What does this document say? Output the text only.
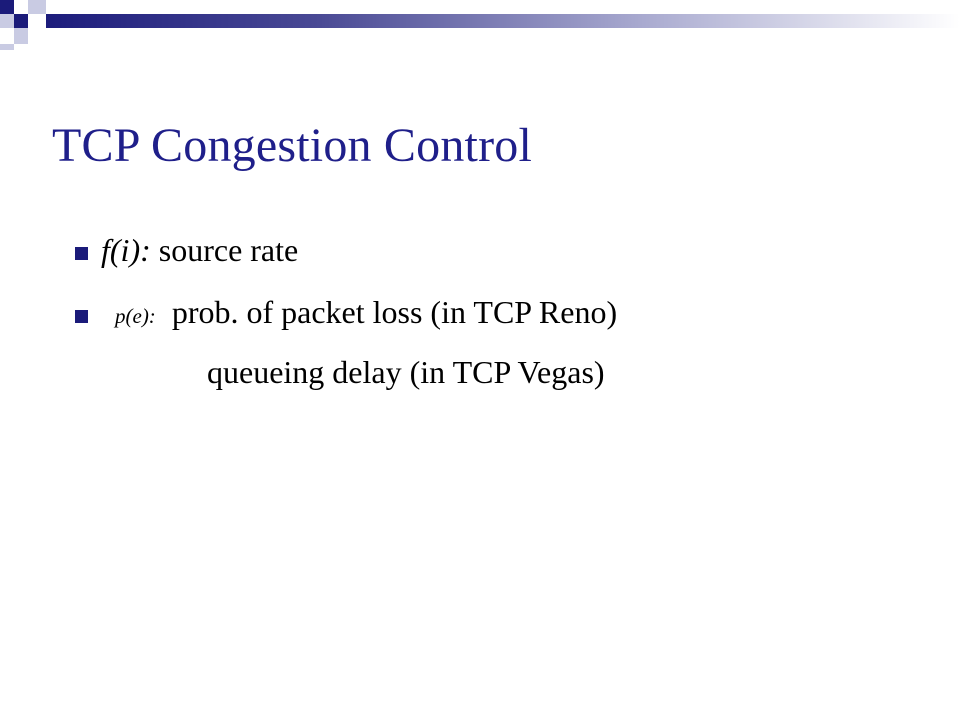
TCP Congestion Control
f(i): source rate
p(e):  prob. of packet loss (in TCP Reno)
queueing delay (in TCP Vegas)
